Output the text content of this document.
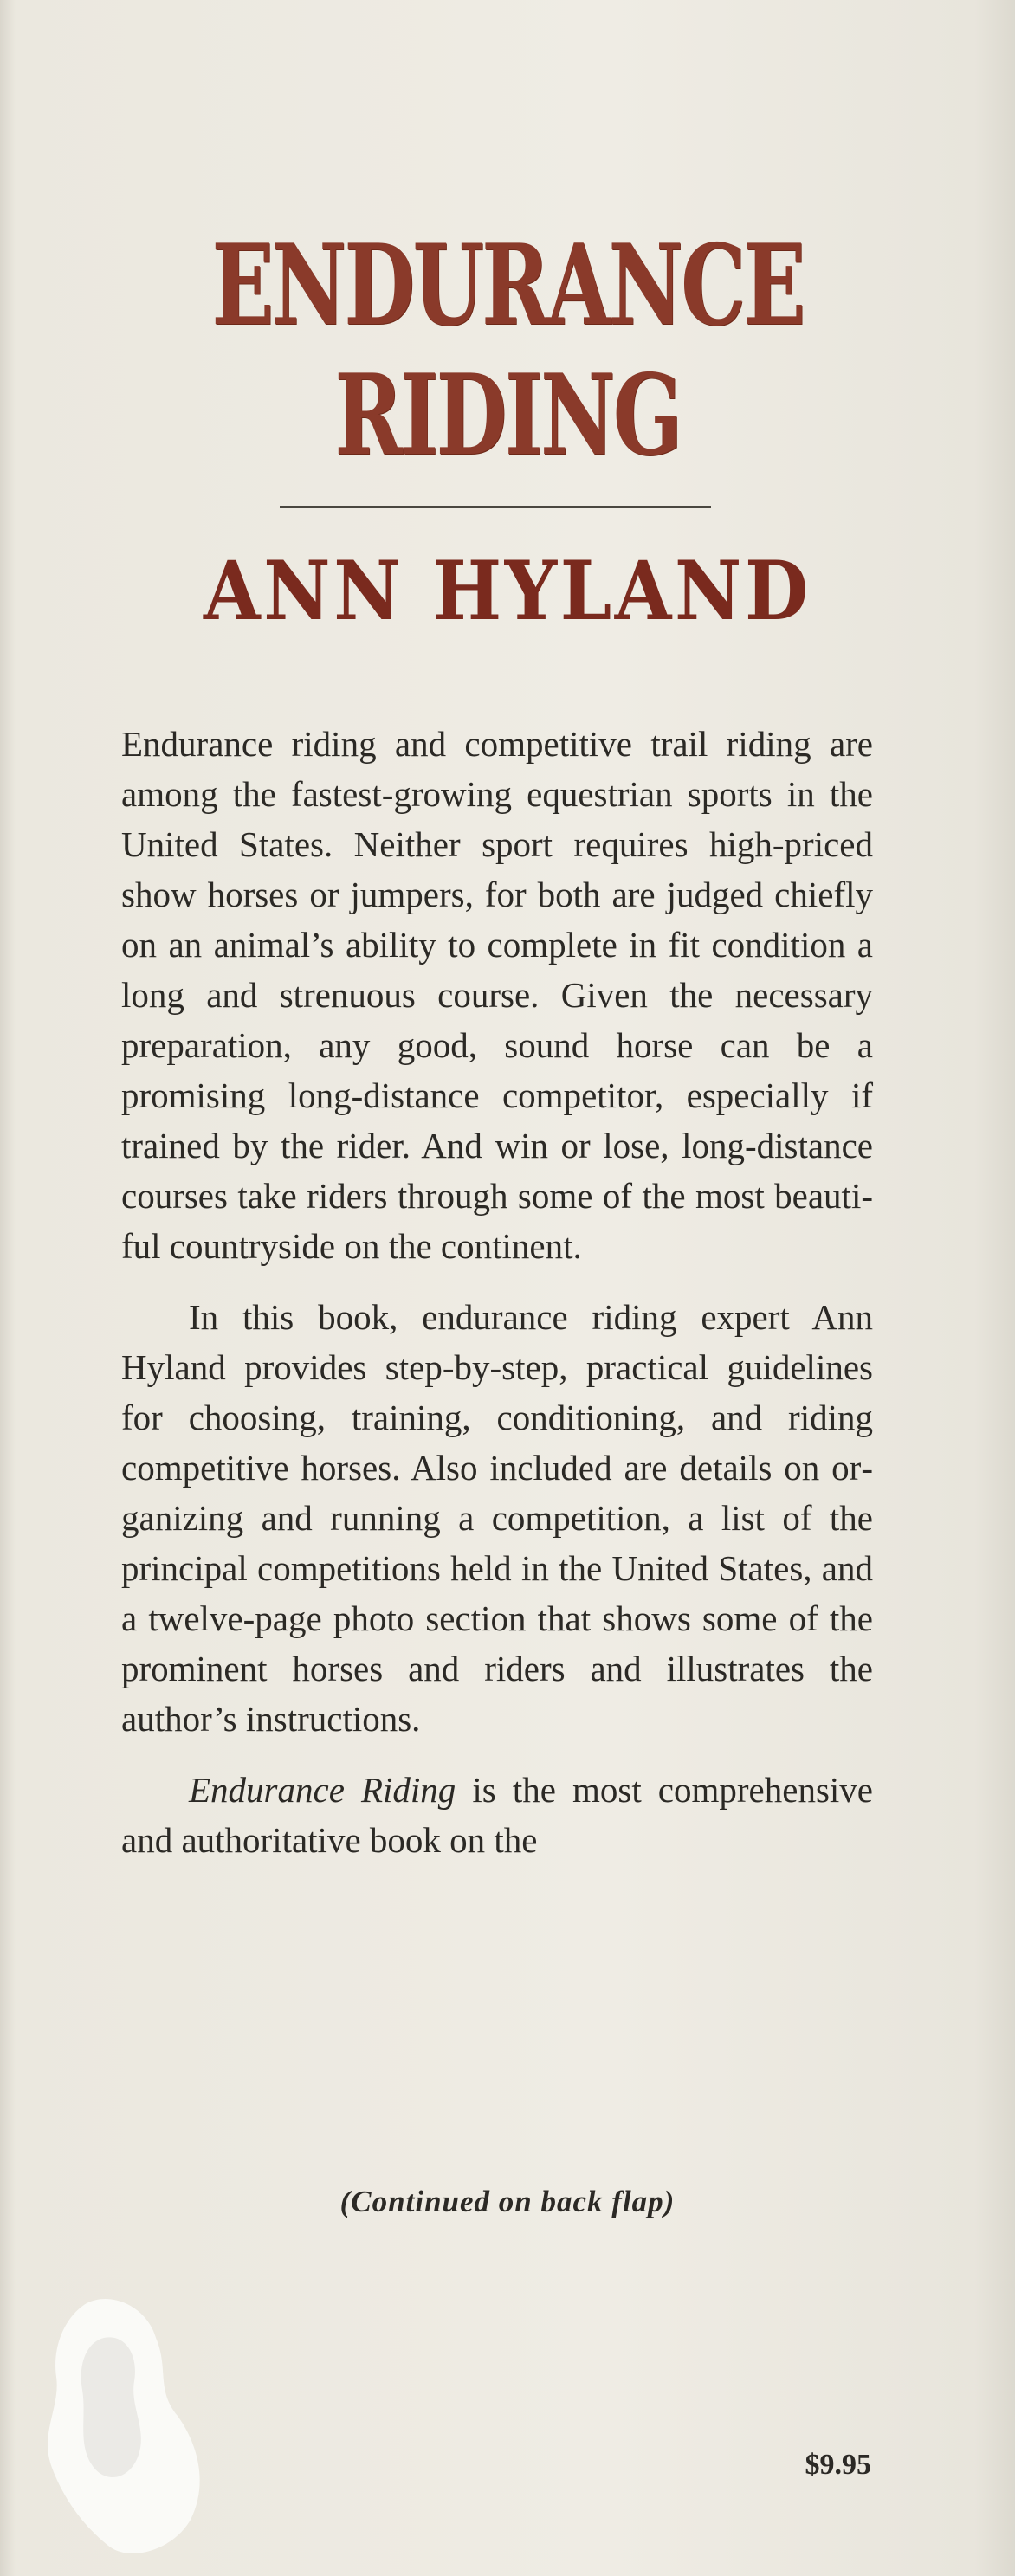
ENDURANCE
RIDING
ANN HYLAND

Endurance riding and competitive trail riding are among the fastest-growing equestrian sports in the United States. Neither sport requires high-priced show horses or jumpers, for both are judged chiefly on an animal’s ability to complete in fit condition a long and strenuous course. Given the necessary preparation, any good, sound horse can be a promising long-distance competitor, especially if trained by the rider. And win or lose, long-distance courses take riders through some of the most beautiful countryside on the continent.

In this book, endurance riding expert Ann Hyland provides step-by-step, practical guidelines for choosing, training, conditioning, and riding competitive horses. Also included are details on organizing and running a competition, a list of the principal competitions held in the United States, and a twelve-page photo section that shows some of the prominent horses and riders and illustrates the author’s instructions.

Endurance Riding is the most comprehensive and authoritative book on the

(Continued on back flap)
$9.95
